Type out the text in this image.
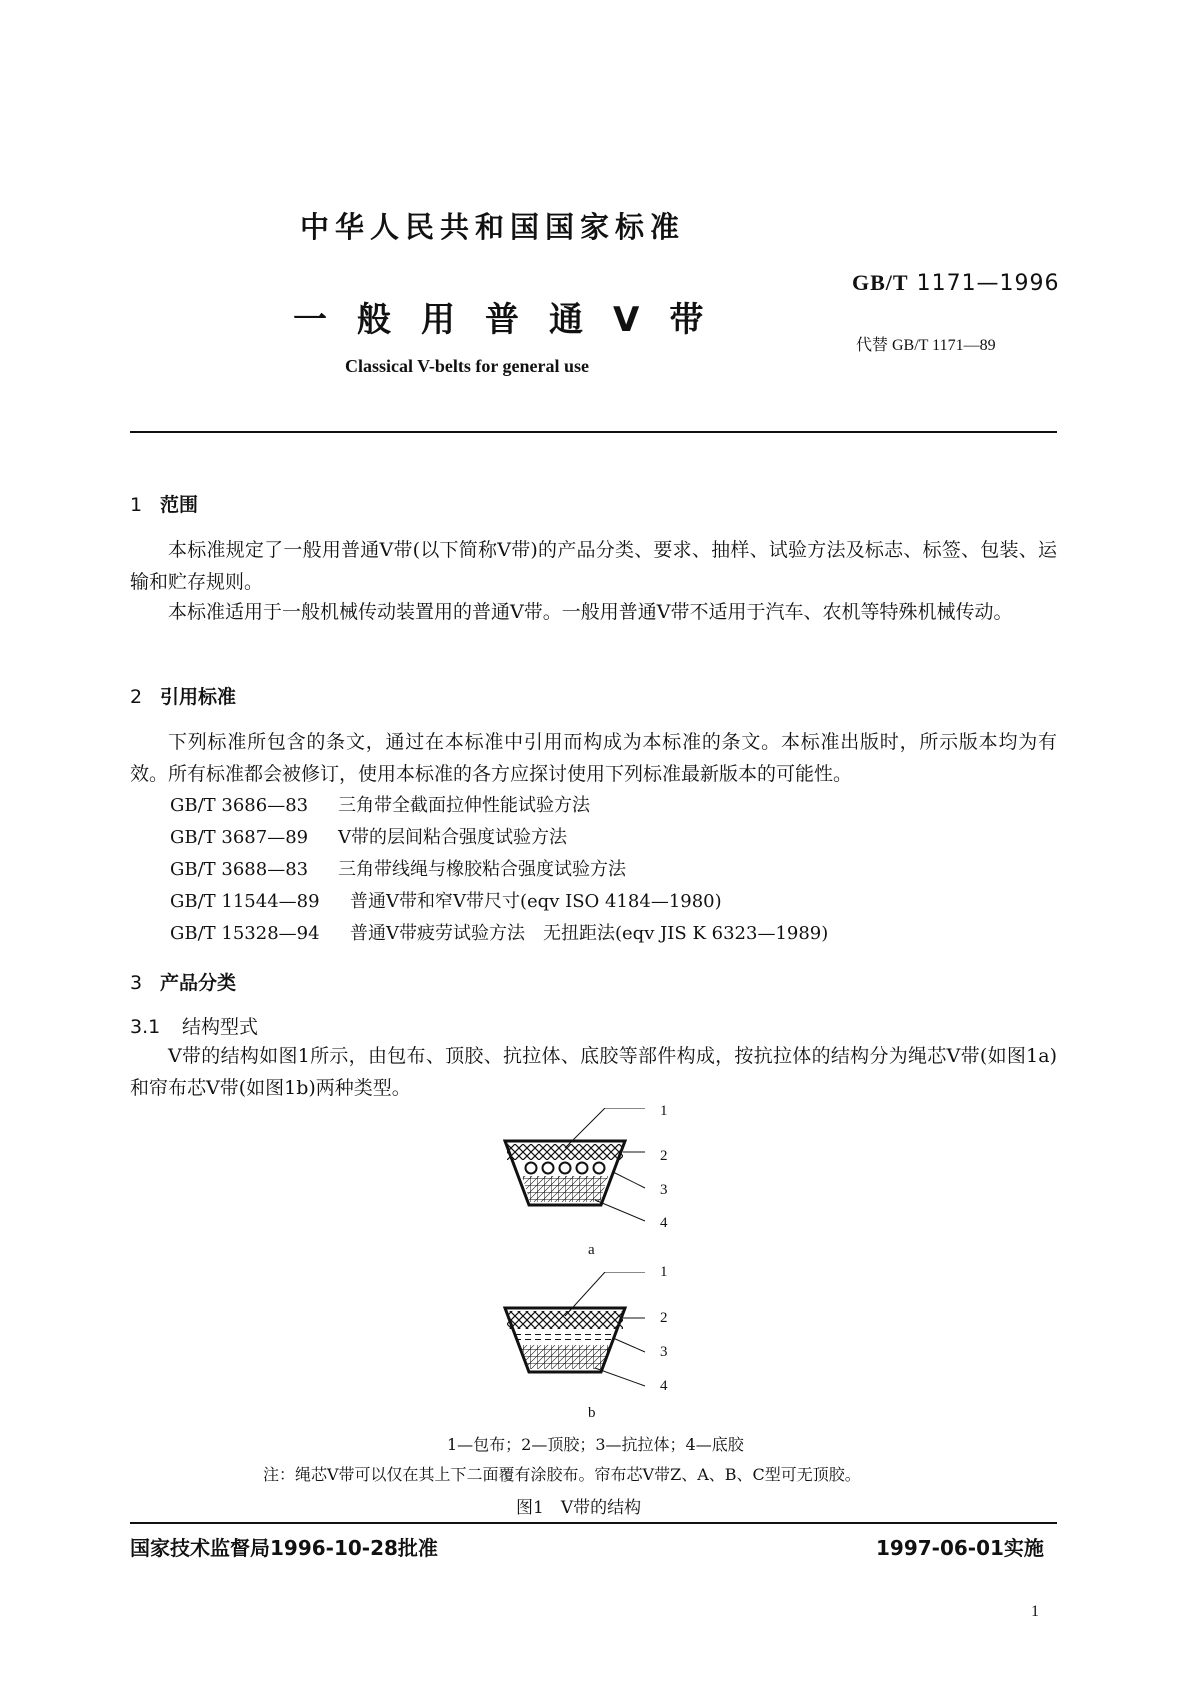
中华人民共和国国家标准
GB/T 1171—1996
一般用普通V带
代替 GB/T 1171—89
Classical V-belts for general use
1 范围
本标准规定了一般用普通V带(以下简称V带)的产品分类、要求、抽样、试验方法及标志、标签、包装、运输和贮存规则。
本标准适用于一般机械传动装置用的普通V带。一般用普通V带不适用于汽车、农机等特殊机械传动。
2 引用标准
下列标准所包含的条文，通过在本标准中引用而构成为本标准的条文。本标准出版时，所示版本均为有效。所有标准都会被修订，使用本标准的各方应探讨使用下列标准最新版本的可能性。
GB/T 3686—83 三角带全截面拉伸性能试验方法
GB/T 3687—89 V带的层间粘合强度试验方法
GB/T 3688—83 三角带线绳与橡胶粘合强度试验方法
GB/T 11544—89 普通V带和窄V带尺寸(eqv ISO 4184—1980)
GB/T 15328—94 普通V带疲劳试验方法　无扭距法(eqv JIS K 6323—1989)
3 产品分类
3.1 结构型式
V带的结构如图1所示，由包布、顶胶、抗拉体、底胶等部件构成，按抗拉体的结构分为绳芯V带(如图1a)和帘布芯V带(如图1b)两种类型。
1
2
3
4
a
1
2
3
4
b
1—包布；2—顶胶；3—抗拉体；4—底胶
注：绳芯V带可以仅在其上下二面覆有涂胶布。帘布芯V带Z、A、B、C型可无顶胶。
图1　V带的结构
国家技术监督局1996-10-28批准	1997-06-01实施
1
